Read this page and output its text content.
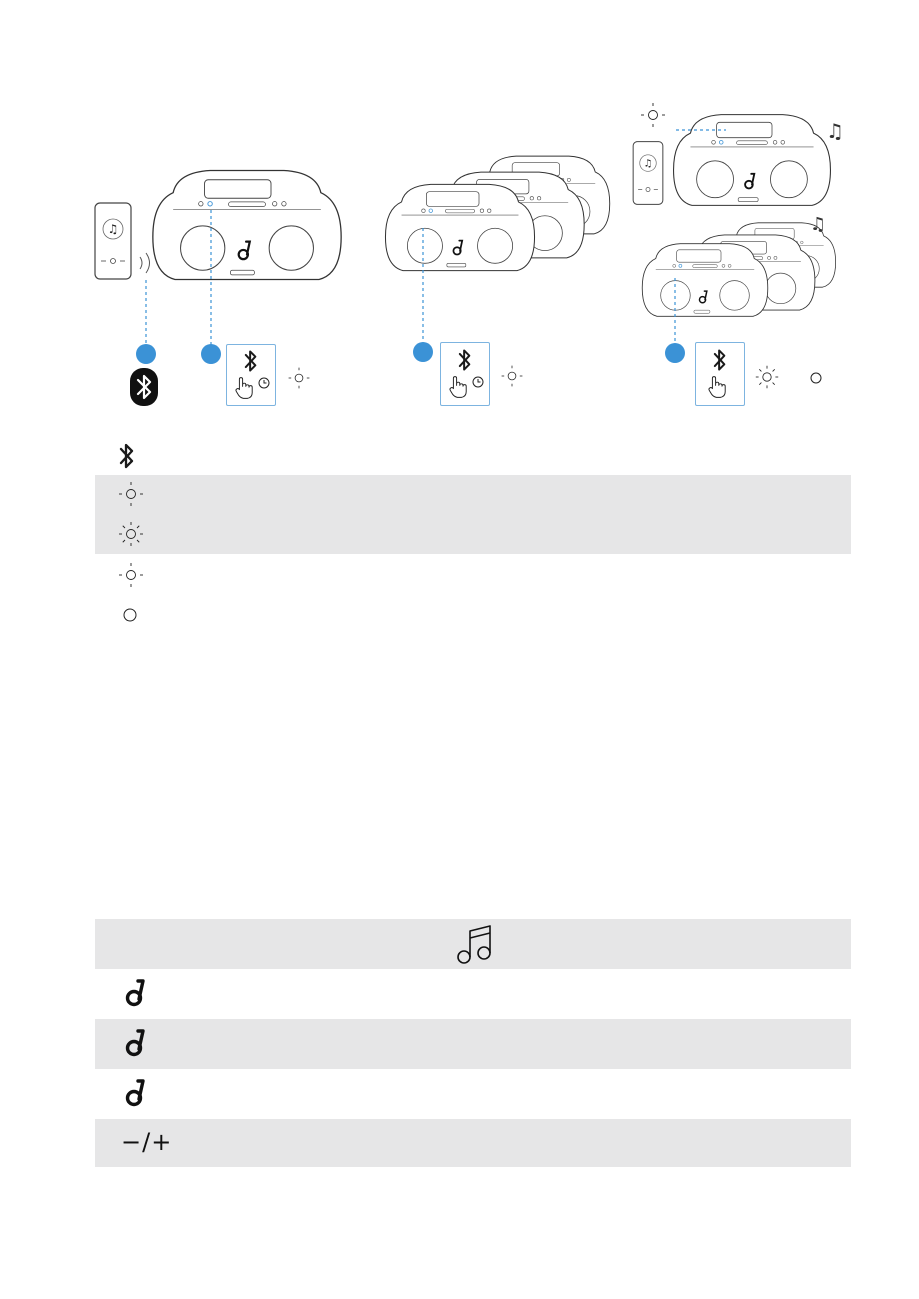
♫
♫
−/+
